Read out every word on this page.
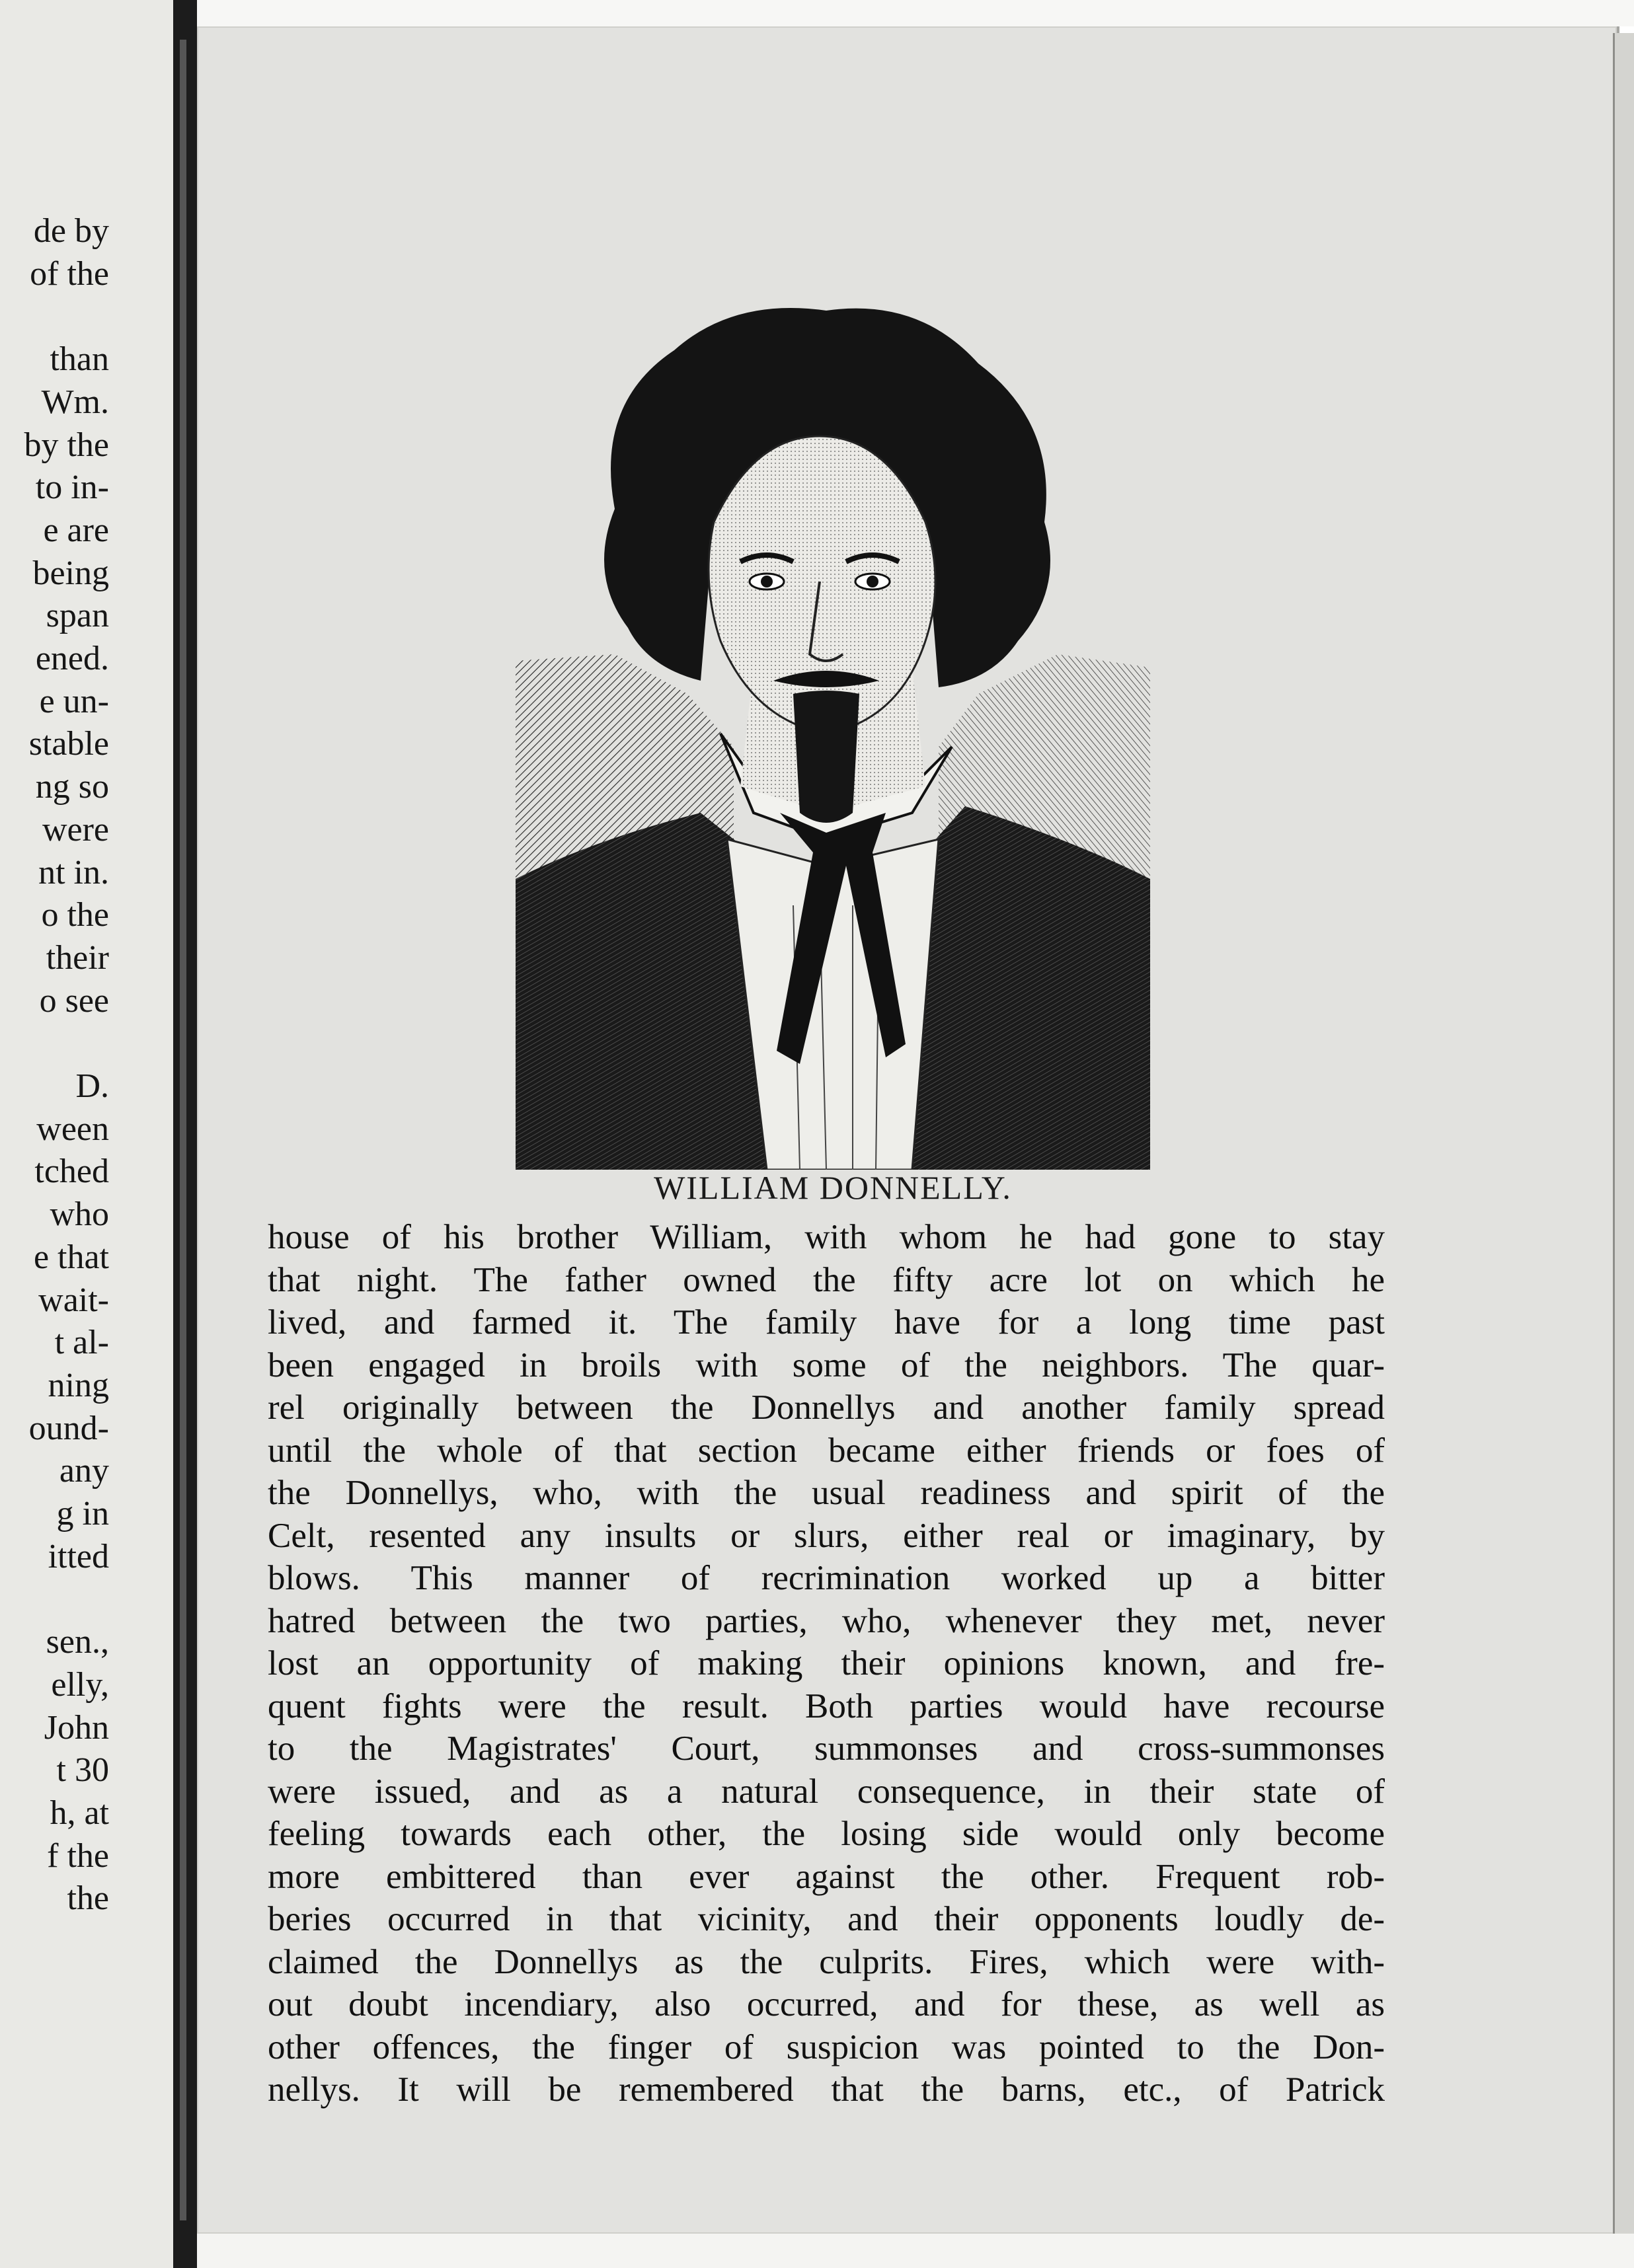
de by
of the
than
Wm.
by the
to in-
e are
being
span
ened.
e un-
stable
ng so
were
nt in.
o the
their
o see
D.
ween
tched
who
e that
wait-
t al-
ning
ound-
any
g in
itted
sen.,
elly,
John
t 30
h, at
f the
the
WILLIAM DONNELLY.
house of his brother William, with whom he had gone to stay
that night. The father owned the fifty acre lot on which he
lived, and farmed it. The family have for a long time past
been engaged in broils with some of the neighbors. The quar-
rel originally between the Donnellys and another family spread
until the whole of that section became either friends or foes of
the Donnellys, who, with the usual readiness and spirit of the
Celt, resented any insults or slurs, either real or imaginary, by
blows. This manner of recrimination worked up a bitter
hatred between the two parties, who, whenever they met, never
lost an opportunity of making their opinions known, and fre-
quent fights were the result. Both parties would have recourse
to the Magistrates' Court, summonses and cross-summonses
were issued, and as a natural consequence, in their state of
feeling towards each other, the losing side would only become
more embittered than ever against the other. Frequent rob-
beries occurred in that vicinity, and their opponents loudly de-
claimed the Donnellys as the culprits. Fires, which were with-
out doubt incendiary, also occurred, and for these, as well as
other offences, the finger of suspicion was pointed to the Don-
nellys. It will be remembered that the barns, etc., of Patrick
